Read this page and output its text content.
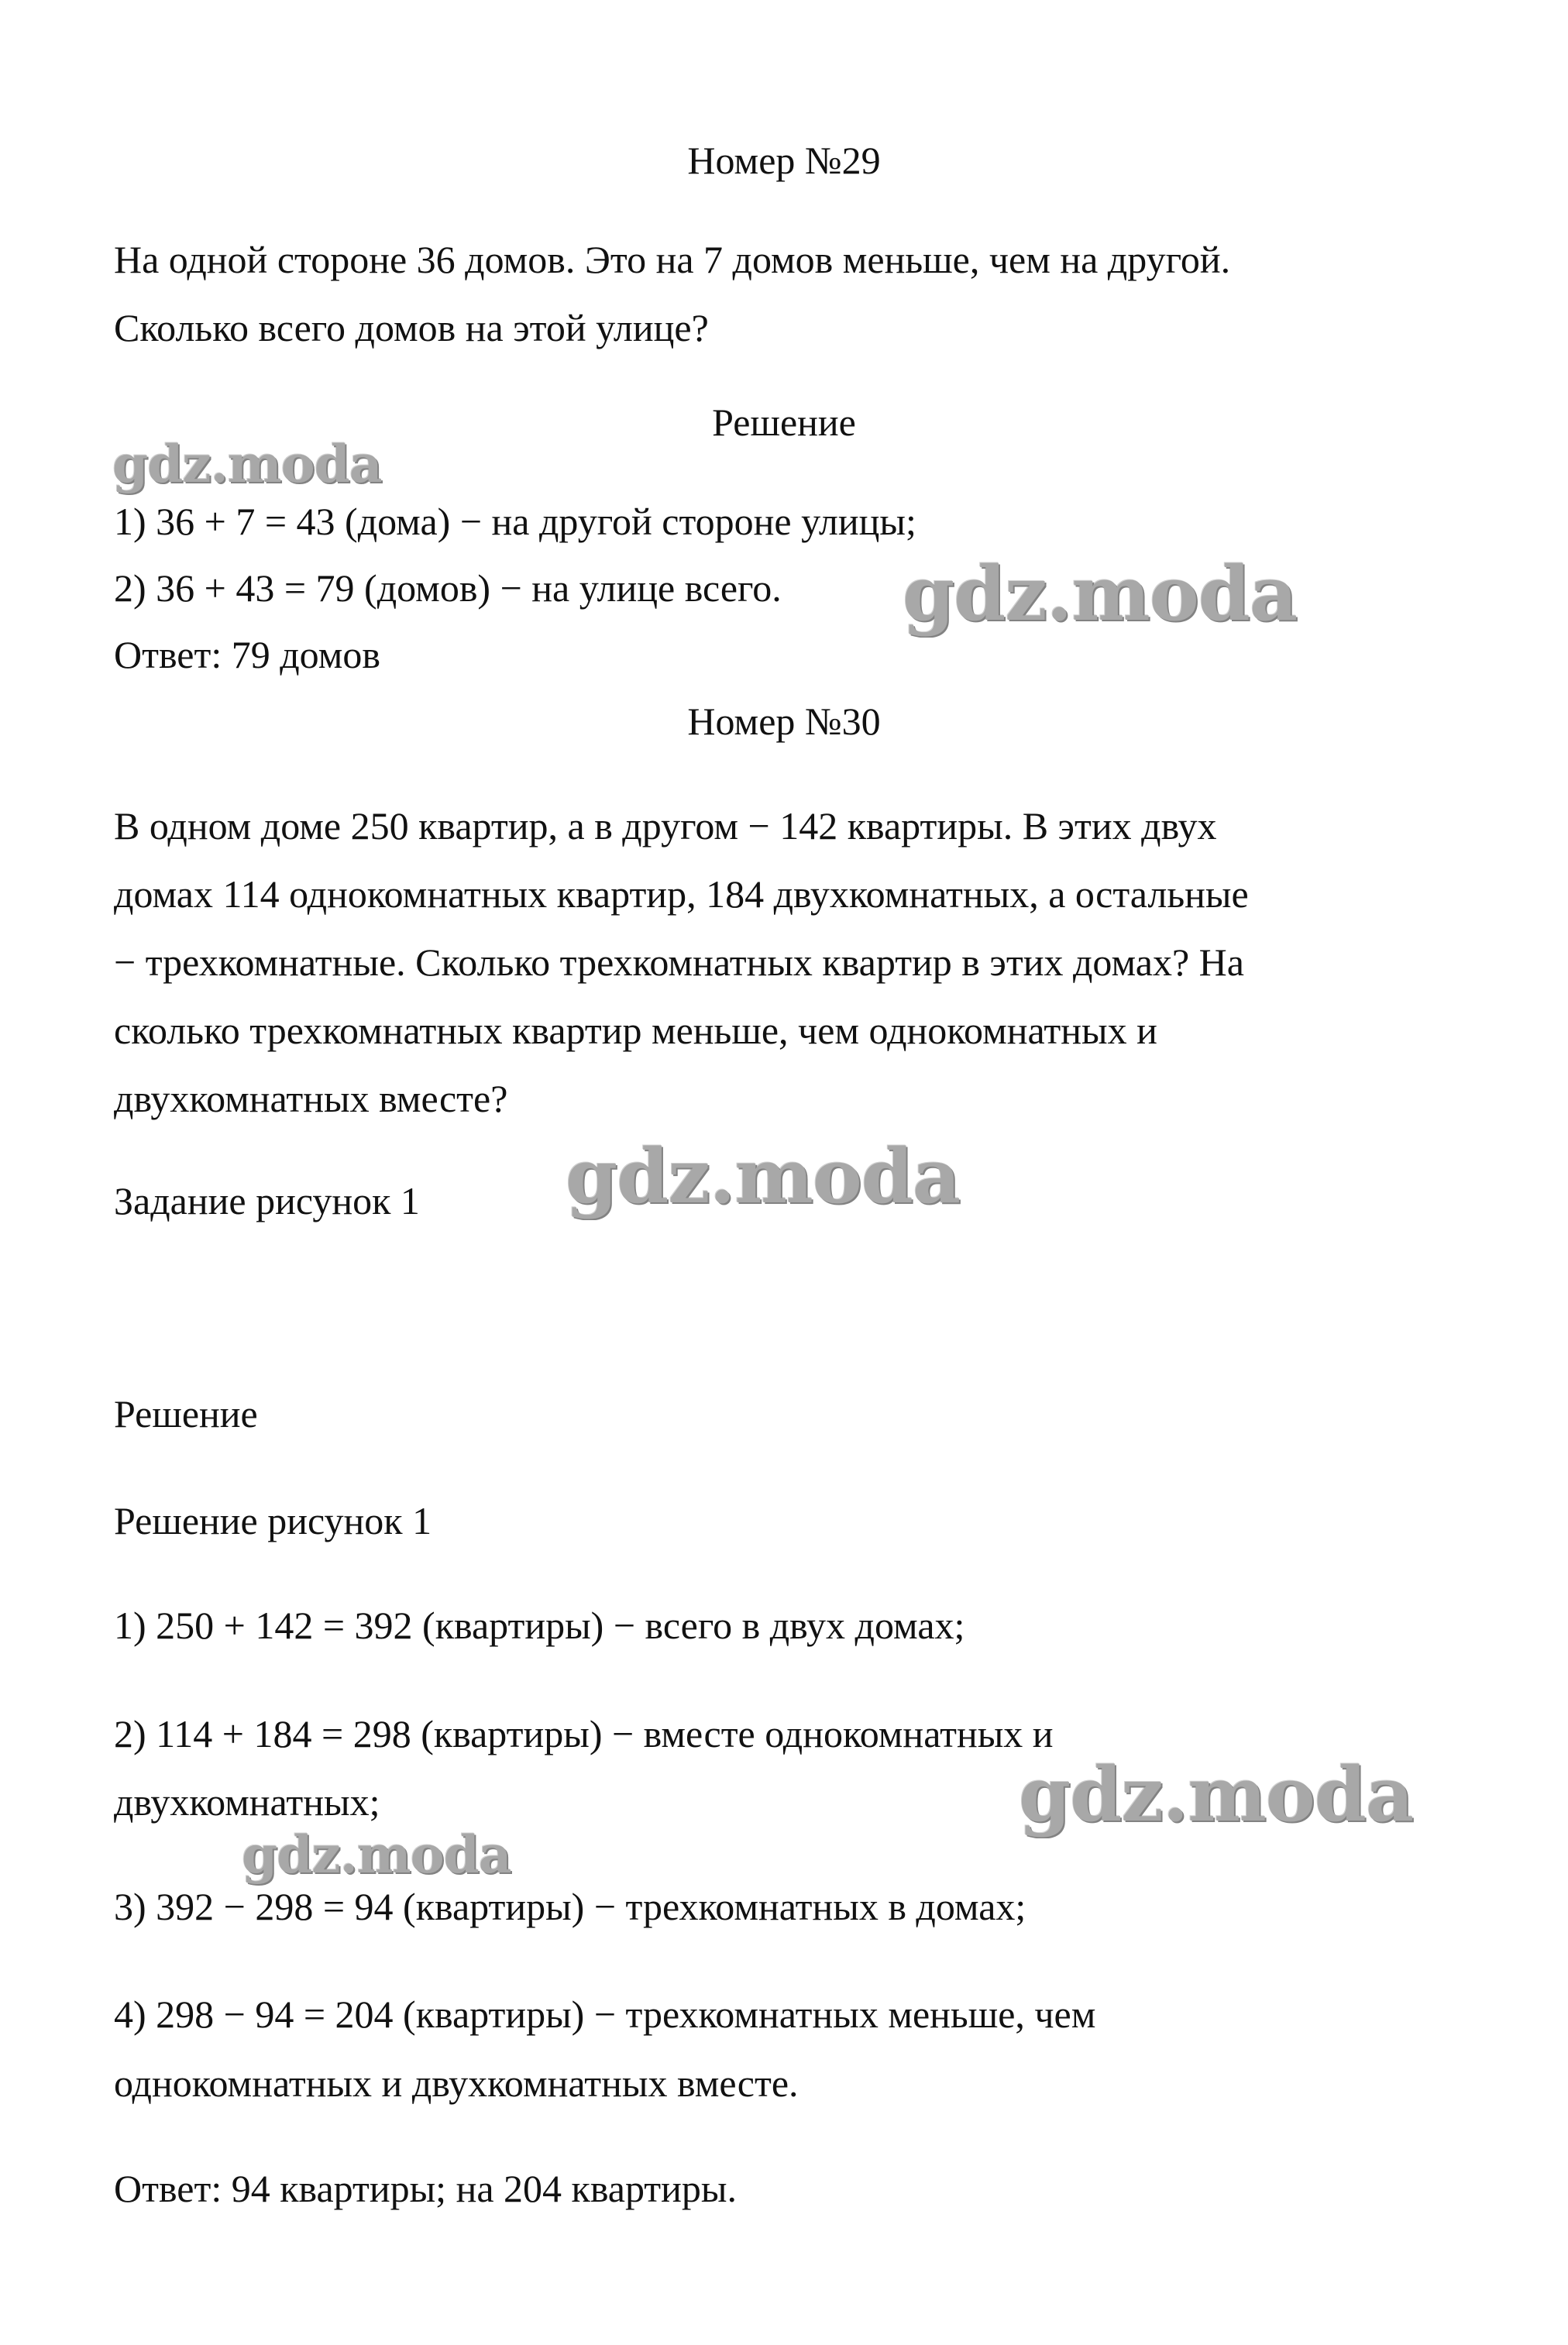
Номер №29
На одной стороне 36 домов. Это на 7 домов меньше, чем на другой.
Сколько всего домов на этой улице?
Решение
1) 36 + 7 = 43 (дома) − на другой стороне улицы;
2) 36 + 43 = 79 (домов) − на улице всего.
Ответ: 79 домов
Номер №30
В одном доме 250 квартир, а в другом − 142 квартиры. В этих двух
домах 114 однокомнатных квартир, 184 двухкомнатных, а остальные
− трехкомнатные. Сколько трехкомнатных квартир в этих домах? На
сколько трехкомнатных квартир меньше, чем однокомнатных и
двухкомнатных вместе?
Задание рисунок 1
Решение
Решение рисунок 1
1) 250 + 142 = 392 (квартиры) − всего в двух домах;
2) 114 + 184 = 298 (квартиры) − вместе однокомнатных и
двухкомнатных;
3) 392 − 298 = 94 (квартиры) − трехкомнатных в домах;
4) 298 − 94 = 204 (квартиры) − трехкомнатных меньше, чем
однокомнатных и двухкомнатных вместе.
Ответ: 94 квартиры; на 204 квартиры.
gdz.moda
gdz.moda
gdz.moda
gdz.moda
gdz.moda
